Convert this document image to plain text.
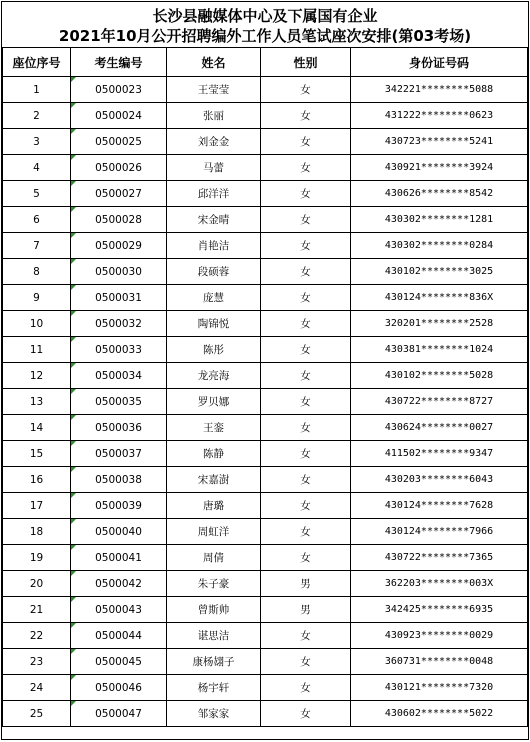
长沙县融媒体中心及下属国有企业
2021年10月公开招聘编外工作人员笔试座次安排(第03考场)
座位序号	考生编号	姓名	性别	身份证号码
1	0500023	王莹莹	女	342221********5088
2	0500024	张丽	女	431222********0623
3	0500025	刘金金	女	430723********5241
4	0500026	马蕾	女	430921********3924
5	0500027	邱洋洋	女	430626********8542
6	0500028	宋金晴	女	430302********1281
7	0500029	肖艳洁	女	430302********0284
8	0500030	段硕蓉	女	430102********3025
9	0500031	庞慧	女	430124********836X
10	0500032	陶锦悦	女	320201********2528
11	0500033	陈彤	女	430381********1024
12	0500034	龙亮海	女	430102********5028
13	0500035	罗贝娜	女	430722********8727
14	0500036	王銮	女	430624********0027
15	0500037	陈静	女	411502********9347
16	0500038	宋嘉澍	女	430203********6043
17	0500039	唐璐	女	430124********7628
18	0500040	周虹洋	女	430124********7966
19	0500041	周倩	女	430722********7365
20	0500042	朱子豪	男	362203********003X
21	0500043	曾斯帅	男	342425********6935
22	0500044	谌思洁	女	430923********0029
23	0500045	康杨翃子	女	360731********0048
24	0500046	杨宇轩	女	430121********7320
25	0500047	邹家家	女	430602********5022
